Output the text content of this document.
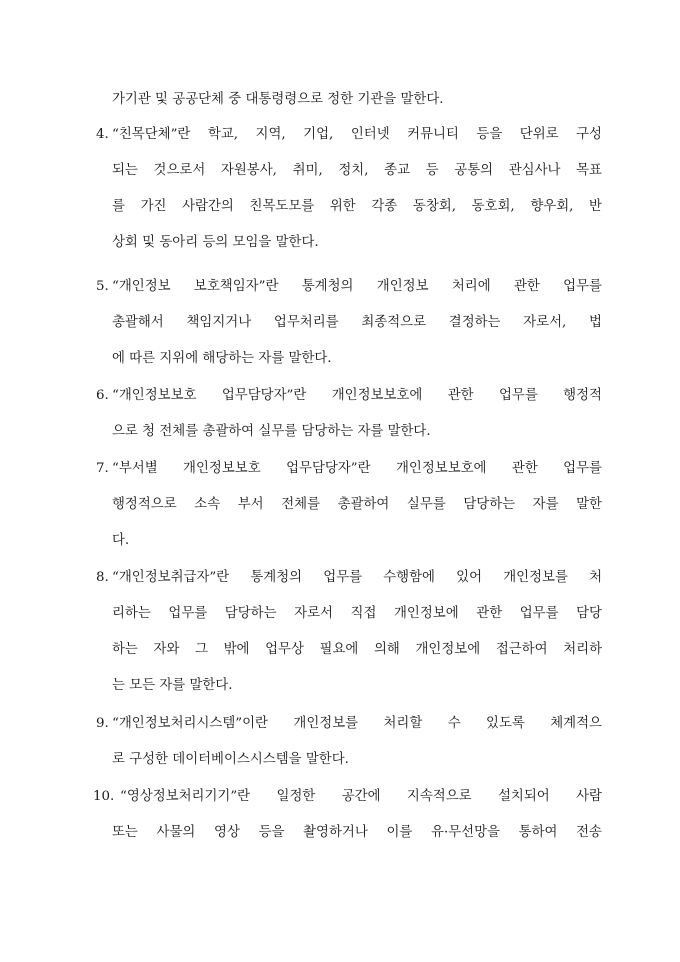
가기관 및 공공단체 중 대통령령으로 정한 기관을 말한다.
4. “친목단체”란 학교, 지역, 기업, 인터넷 커뮤니티 등을 단위로 구성
되는 것으로서 자원봉사, 취미, 정치, 종교 등 공통의 관심사나 목표
를 가진 사람간의 친목도모를 위한 각종 동창회, 동호회, 향우회, 반
상회 및 동아리 등의 모임을 말한다.
5. “개인정보 보호책임자”란 통계청의 개인정보 처리에 관한 업무를
총괄해서 책임지거나 업무처리를 최종적으로 결정하는 자로서, 법
에 따른 지위에 해당하는 자를 말한다.
6. “개인정보보호 업무담당자”란 개인정보보호에 관한 업무를 행정적
으로 청 전체를 총괄하여 실무를 담당하는 자를 말한다.
7. “부서별 개인정보보호 업무담당자”란 개인정보보호에 관한 업무를
행정적으로 소속 부서 전체를 총괄하여 실무를 담당하는 자를 말한
다.
8. “개인정보취급자”란 통계청의 업무를 수행함에 있어 개인정보를 처
리하는 업무를 담당하는 자로서 직접 개인정보에 관한 업무를 담당
하는 자와 그 밖에 업무상 필요에 의해 개인정보에 접근하여 처리하
는 모든 자를 말한다.
9. “개인정보처리시스템”이란 개인정보를 처리할 수 있도록 체계적으
로 구성한 데이터베이스시스템을 말한다.
10. “영상정보처리기기”란 일정한 공간에 지속적으로 설치되어 사람
또는 사물의 영상 등을 촬영하거나 이를 유·무선망을 통하여 전송
